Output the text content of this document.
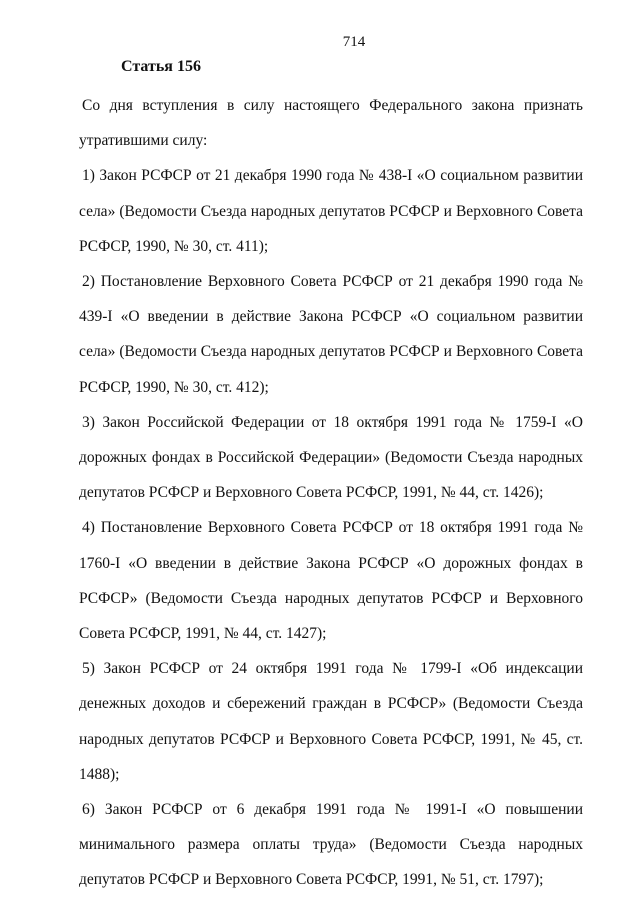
714
Статья 156

Со дня вступления в силу настоящего Федерального закона признать утратившими силу:

1) Закон РСФСР от 21 декабря 1990 года № 438-I «О социальном развитии села» (Ведомости Съезда народных депутатов РСФСР и Верховного Совета РСФСР, 1990, № 30, ст. 411);

2) Постановление Верховного Совета РСФСР от 21 декабря 1990 года № 439-I «О введении в действие Закона РСФСР «О социальном развитии села» (Ведомости Съезда народных депутатов РСФСР и Верховного Совета РСФСР, 1990, № 30, ст. 412);

3) Закон Российской Федерации от 18 октября 1991 года № 1759-I «О дорожных фондах в Российской Федерации» (Ведомости Съезда народных депутатов РСФСР и Верховного Совета РСФСР, 1991, № 44, ст. 1426);

4) Постановление Верховного Совета РСФСР от 18 октября 1991 года № 1760-I «О введении в действие Закона РСФСР «О дорожных фондах в РСФСР» (Ведомости Съезда народных депутатов РСФСР и Верховного Совета РСФСР, 1991, № 44, ст. 1427);

5) Закон РСФСР от 24 октября 1991 года № 1799-I «Об индексации денежных доходов и сбережений граждан в РСФСР» (Ведомости Съезда народных депутатов РСФСР и Верховного Совета РСФСР, 1991, № 45, ст. 1488);

6) Закон РСФСР от 6 декабря 1991 года № 1991-I «О повышении минимального размера оплаты труда» (Ведомости Съезда народных депутатов РСФСР и Верховного Совета РСФСР, 1991, № 51, ст. 1797);
